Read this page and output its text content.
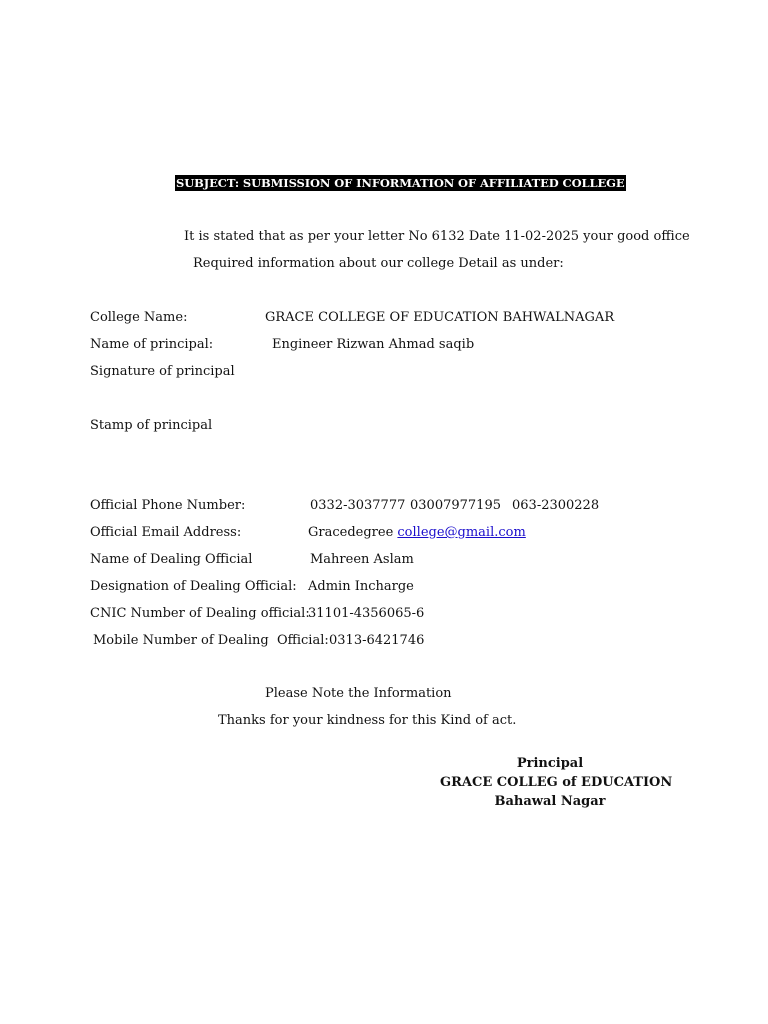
SUBJECT: SUBMISSION OF INFORMATION OF AFFILIATED COLLEGE
It is stated that as per your letter No 6132 Date 11-02-2025 your good office
Required information about our college Detail as under:
College Name:	GRACE COLLEGE OF EDUCATION BAHWALNAGAR
Name of principal:	Engineer Rizwan Ahmad saqib
Signature of principal
Stamp of principal
Official Phone Number:	0332-3037777 03007977195 063-2300228
Official Email Address:	Gracedegree college@gmail.com
Name of Dealing Official	Mahreen Aslam
Designation of Dealing Official: Admin Incharge
CNIC Number of Dealing official:
31101-4356065-6
Mobile Number of Dealing  Official: 0313-6421746
Please Note the Information
Thanks for your kindness for this Kind of act.
Principal
GRACE COLLEG of EDUCATION
Bahawal Nagar
